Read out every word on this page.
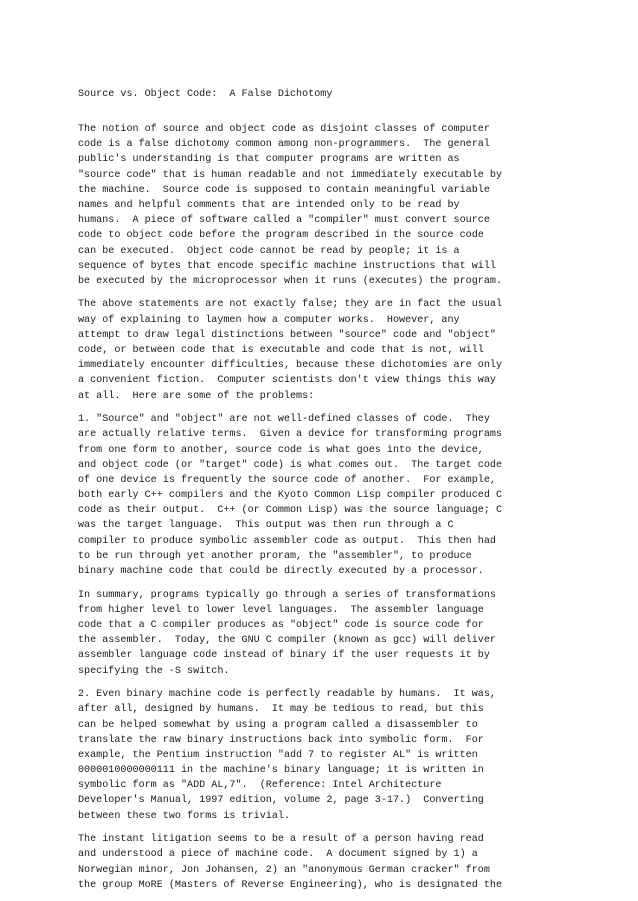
Source vs. Object Code:  A False Dichotomy
The notion of source and object code as disjoint classes of computer
code is a false dichotomy common among non-programmers.  The general
public's understanding is that computer programs are written as
"source code" that is human readable and not immediately executable by
the machine.  Source code is supposed to contain meaningful variable
names and helpful comments that are intended only to be read by
humans.  A piece of software called a "compiler" must convert source
code to object code before the program described in the source code
can be executed.  Object code cannot be read by people; it is a
sequence of bytes that encode specific machine instructions that will
be executed by the microprocessor when it runs (executes) the program.
The above statements are not exactly false; they are in fact the usual
way of explaining to laymen how a computer works.  However, any
attempt to draw legal distinctions between "source" code and "object"
code, or between code that is executable and code that is not, will
immediately encounter difficulties, because these dichotomies are only
a convenient fiction.  Computer scientists don't view things this way
at all.  Here are some of the problems:
1. "Source" and "object" are not well-defined classes of code.  They
are actually relative terms.  Given a device for transforming programs
from one form to another, source code is what goes into the device,
and object code (or "target" code) is what comes out.  The target code
of one device is frequently the source code of another.  For example,
both early C++ compilers and the Kyoto Common Lisp compiler produced C
code as their output.  C++ (or Common Lisp) was the source language; C
was the target language.  This output was then run through a C
compiler to produce symbolic assembler code as output.  This then had
to be run through yet another proram, the "assembler", to produce
binary machine code that could be directly executed by a processor.
In summary, programs typically go through a series of transformations
from higher level to lower level languages.  The assembler language
code that a C compiler produces as "object" code is source code for
the assembler.  Today, the GNU C compiler (known as gcc) will deliver
assembler language code instead of binary if the user requests it by
specifying the -S switch.
2. Even binary machine code is perfectly readable by humans.  It was,
after all, designed by humans.  It may be tedious to read, but this
can be helped somewhat by using a program called a disassembler to
translate the raw binary instructions back into symbolic form.  For
example, the Pentium instruction "add 7 to register AL" is written
0000010000000111 in the machine's binary language; it is written in
symbolic form as "ADD AL,7".  (Reference: Intel Architecture
Developer's Manual, 1997 edition, volume 2, page 3-17.)  Converting
between these two forms is trivial.
The instant litigation seems to be a result of a person having read
and understood a piece of machine code.  A document signed by 1) a
Norwegian minor, Jon Johansen, 2) an "anonymous German cracker" from
the group MoRE (Masters of Reverse Engineering), who is designated the
